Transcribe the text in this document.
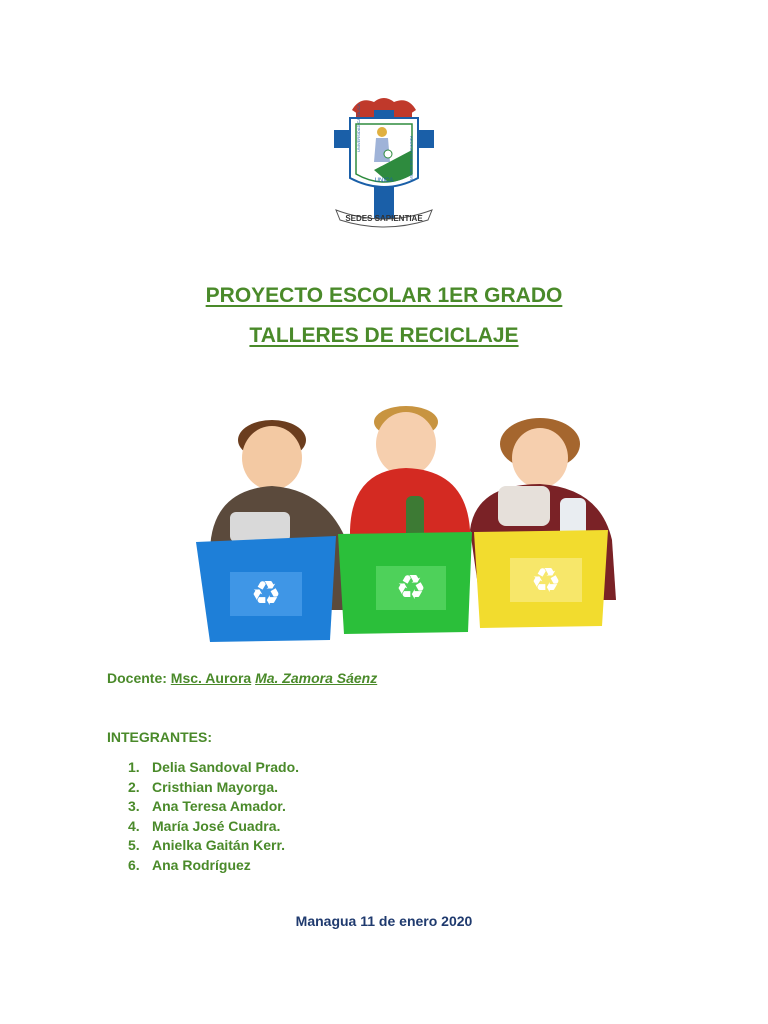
UNICA
UNIVERSIDAD CATÓLICA
REDEMPTORIS MATER
SEDES SAPIENTIAE
PROYECTO ESCOLAR 1ER GRADO
TALLERES DE RECICLAJE
♻	♻	♻
Docente: Msc. Aurora Ma. Zamora Sáenz
INTEGRANTES:
1. Delia Sandoval Prado.
2. Cristhian Mayorga.
3. Ana Teresa Amador.
4. María José Cuadra.
5. Anielka Gaitán Kerr.
6. Ana Rodríguez
Managua 11 de enero 2020
